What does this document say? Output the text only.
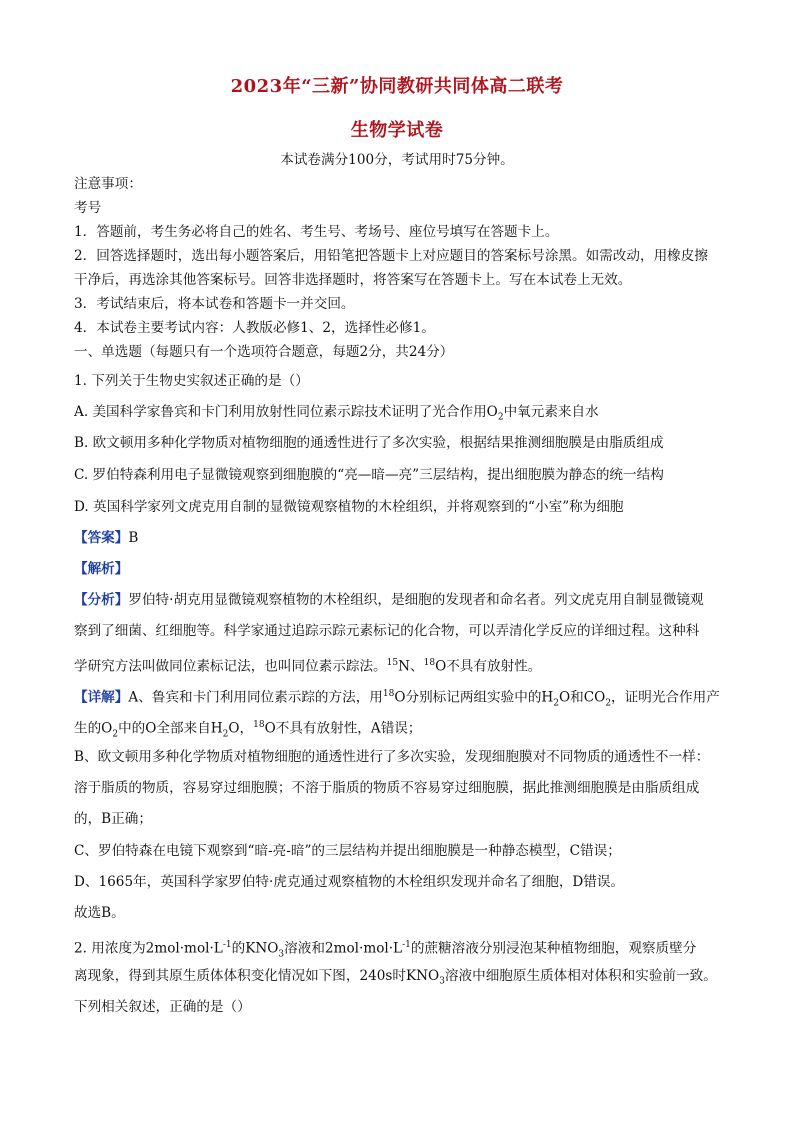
2023年“三新”协同教研共同体高二联考
生物学试卷
本试卷满分100分，考试用时75分钟。
注意事项：
考号
1．答题前，考生务必将自己的姓名、考生号、考场号、座位号填写在答题卡上。
2．回答选择题时，选出每小题答案后，用铅笔把答题卡上对应题目的答案标号涂黑。如需改动，用橡皮擦
干净后，再选涂其他答案标号。回答非选择题时，将答案写在答题卡上。写在本试卷上无效。
3．考试结束后，将本试卷和答题卡一并交回。
4．本试卷主要考试内容：人教版必修1、2，选择性必修1。
一、单选题（每题只有一个选项符合题意，每题2分，共24分）
1. 下列关于生物史实叙述正确的是（）
A. 美国科学家鲁宾和卡门利用放射性同位素示踪技术证明了光合作用$O_2$中氧元素来自水
B. 欧文顿用多种化学物质对植物细胞的通透性进行了多次实验，根据结果推测细胞膜是由脂质组成
C. 罗伯特森利用电子显微镜观察到细胞膜的“亮—暗—亮”三层结构，提出细胞膜为静态的统一结构
D. 英国科学家列文虎克用自制的显微镜观察植物的木栓组织，并将观察到的“小室”称为细胞
【答案】B
【解析】
【分析】罗伯特·胡克用显微镜观察植物的木栓组织，是细胞的发现者和命名者。列文虎克用自制显微镜观
察到了细菌、红细胞等。科学家通过追踪示踪元素标记的化合物，可以弄清化学反应的详细过程。这种科
学研究方法叫做同位素标记法，也叫同位素示踪法。$^{15}$N、$^{18}$O不具有放射性。
【详解】A、鲁宾和卡门利用同位素示踪的方法，用$^{18}$O分别标记两组实验中的$H_2O$和$CO_2$，证明光合作用产
生的$O_2$中的O全部来自$H_2O$，$^{18}$O不具有放射性，A错误；
B、欧文顿用多种化学物质对植物细胞的通透性进行了多次实验，发现细胞膜对不同物质的通透性不一样：
溶于脂质的物质，容易穿过细胞膜；不溶于脂质的物质不容易穿过细胞膜，据此推测细胞膜是由脂质组成
的，B正确；
C、罗伯特森在电镜下观察到“暗-亮-暗”的三层结构并提出细胞膜是一种静态模型，C错误；
D、1665年，英国科学家罗伯特·虎克通过观察植物的木栓组织发现并命名了细胞，D错误。
故选B。
2. 用浓度为$2mol\cdot mol\cdot L^{-1}$的$KNO_3$溶液和$2mol\cdot mol\cdot L^{-1}$的蔗糖溶液分别浸泡某种植物细胞，观察质壁分
离现象，得到其原生质体体积变化情况如下图，240s时$KNO_3$溶液中细胞原生质体相对体积和实验前一致。
下列相关叙述，正确的是（）
